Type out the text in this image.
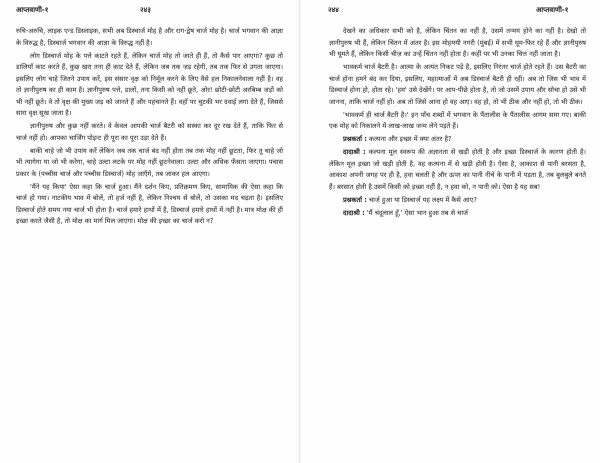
आप्तवाणी-१	२४३

रुचि-अरुचि, लाइक एन्ड डिस्लाइक, सभी अब डिस्चार्ज मोह है और राग-द्वेष चार्ज मोह है। चार्ज भगवान की आज्ञा के विरुद्ध है, डिस्चार्ज भगवान की आज्ञा के विरुद्ध नहीं है।

लोग डिस्चार्ज मोह के पत्ते काटते रहते हैं, लेकिन चार्ज मोह तो जाते ही हैं, तो कैसे पार आएगा? कुछ तो डालियाँ काट करते हैं, कुछ खरा तना ही काट देते हैं, लेकिन जब तक जड़ रहेगी, तब तक फिर से उगता जाएगा। इसलिए लोग चाहे जितने उपाय करें, इस संसार वृक्ष को निर्मूल करने के लिए वैसे हल निकालनेवाला नहीं है। वह तो ज्ञानीपुरुष का ही काम है। ज्ञानीपुरुष पत्ते, डालों, तना किसी को नहीं छूते, ओर! छोटी-छोटी अरबिम्ब जड़ों को भी नहीं छूते। वे तो वृक्ष की मुख्य जड़ को जानते हैं और पहचानते हैं। वहाँ पर चुटकी भर दवाई लगा देते हैं, जिससे सारा वृक्ष सूख जाता है।

ज्ञानीपुरुष और कुछ नहीं करते। वे केवल आपकी चार्ज बैटरी को सस्का कर दूर रख देते हैं, ताकि फिर से चार्ज नहीं हो। आपका चार्जिंग पोइन्ट ही पूरा का पूरा उड़ा देते हैं।

बाकी चाहे जो भी उपाय करें लेकिन जब तक चार्ज बंद नहीं होता तब तक मोह नहीं छूटता, फिर तू चाहे जो भी त्यागेगा या जो भी करेगा, चाहे उल्टा लटके पर मोह नहीं छूटनेवाला। उल्टा और अधिक फँसता जाएगा। पचास प्रकार के (पच्चीस चार्ज और पच्चीस डिस्चार्ज) मोह जाएँगे, तब जाकर हल आएगा।

'मैंने यह किया' ऐसा कहा कि चार्ज हुआ। मैंने दर्शन किए, प्रतिक्रमण किए, सामायिक की ऐसा कहा कि चार्ज हो गया। नाटकीय भाव में बोलें, तो हर्ज नहीं है, लेकिन निश्चय से बोलें, तो उसका मद चढ़ता है। इसलिए डिस्चार्ज होते समय नया चार्ज भी होता है। चार्ज हमारे हाथों में है, डिस्चार्ज हमारे हाथों में नहीं है। मात्र मोक्ष की ही इच्छा करते जैसी है, तो मोक्ष का मार्ग मिल जाएगा। मोक्ष की इच्छा का चार्ज करो न?

२४४	आप्तवाणी-१

देखने का अधिकार सभी को है, लेकिन चिंतन का नहीं है, उसमें तन्मय होने का नहीं है। देखो तो ज्ञानीपुरुष भी हैं, लेकिन चिंतन में अंतर है। इस मोहमयी नगरी (मुंबई) में सभी घूम-फिर रहे हैं और ज्ञानीपुरुष भी घूमते हैं, लेकिन किसी चीज़ का उन्हें चिंतन नहीं होता है। कहीं पर भी उनका चित्त नहीं जाता है।

भावकर्म चार्ज बैटरी है। आत्मा के अत्यंत निकट पड़े है, इसलिए निरंतर चार्ज होते रहते हैं। उस बैटरी का चार्ज होना हमने बंद कर दिया, इसलिए, महात्माओं में अब डिस्चार्ज बैटरी ही रही। अब तो जिस भी भाव में डिस्चार्ज होना हो, होता रहे। 'हम' उसे देखेंगे। पर आप-पीछे होता है, तो जो उसमें उपाय और सोचा हो उसे भी जानना, ताकि चार्ज नहीं हो। अब तो जिसे आना हो वह आए। वह हो, तो भी ठीक और नहीं हो, तो भी ठीक।

'भावकर्म ही चार्ज बैटरी है।' इन पाँच शब्दों में भगवान के पैंतालीस के पैंतालीस आगम समा गए। बाकी एक मोह को निकालने में लाख-लाख जन्म लेने पड़ते हैं।

प्रश्नकर्ता : कल्पना और इच्छा में क्या अंतर है?

दादाश्री : कल्पना मूल स्वरूप की अज्ञानता से खड़ी होती है और इच्छा डिस्चार्ज के कारण होती है। लेकिन मूल इच्छा जो खड़ी होती है, वह कल्पना में से खड़ी होती है। ऐसा है, आकाश से पानी बरसता है, आकाश अपनी जगह पर ही है, हवा चलती है और ऊपर का पानी नीचे के पानी में पड़ता है, तब बुलबुले बनते हैं। बरसात होती है उसमें किसी को इच्छा नहीं है, न हवा को, न पानी को। ऐसा है यह सब!

प्रश्नकर्ता : चार्ज हुआ या डिस्चार्ज यह लक्ष्य में कैसे आए?

दादाश्री : 'मैं चंदूलाल हूँ,' ऐसा भान हुआ तब से चार्ज
